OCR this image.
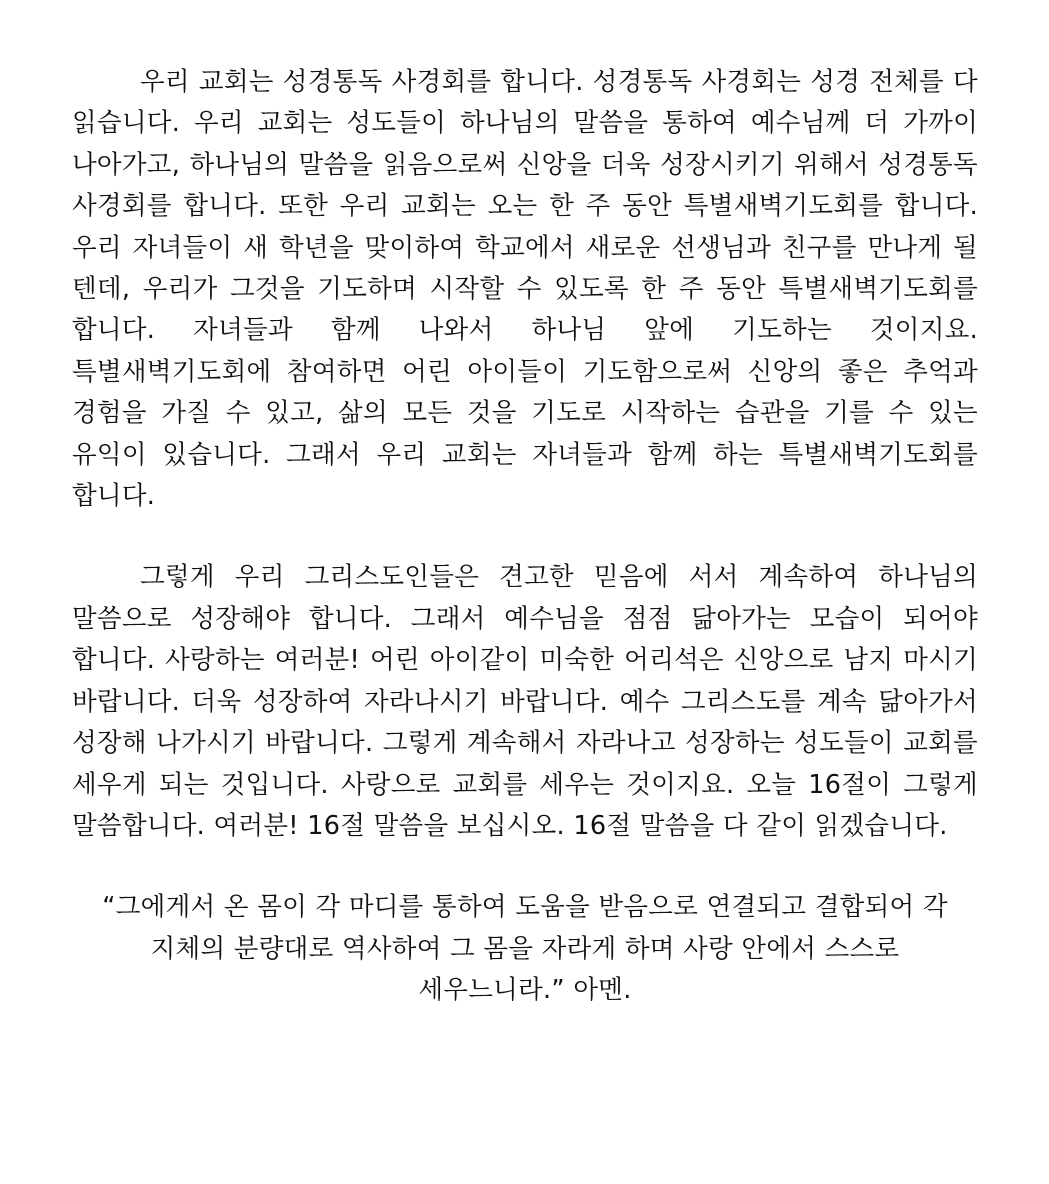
우리 교회는 성경통독 사경회를 합니다. 성경통독 사경회는 성경 전체를 다 읽습니다. 우리 교회는 성도들이 하나님의 말씀을 통하여 예수님께 더 가까이 나아가고, 하나님의 말씀을 읽음으로써 신앙을 더욱 성장시키기 위해서 성경통독 사경회를 합니다. 또한 우리 교회는 오는 한 주 동안 특별새벽기도회를 합니다. 우리 자녀들이 새 학년을 맞이하여 학교에서 새로운 선생님과 친구를 만나게 될 텐데, 우리가 그것을 기도하며 시작할 수 있도록 한 주 동안 특별새벽기도회를 합니다. 자녀들과 함께 나와서 하나님 앞에 기도하는 것이지요. 특별새벽기도회에 참여하면 어린 아이들이 기도함으로써 신앙의 좋은 추억과 경험을 가질 수 있고, 삶의 모든 것을 기도로 시작하는 습관을 기를 수 있는 유익이 있습니다. 그래서 우리 교회는 자녀들과 함께 하는 특별새벽기도회를 합니다.

그렇게 우리 그리스도인들은 견고한 믿음에 서서 계속하여 하나님의 말씀으로 성장해야 합니다. 그래서 예수님을 점점 닮아가는 모습이 되어야 합니다. 사랑하는 여러분! 어린 아이같이 미숙한 어리석은 신앙으로 남지 마시기 바랍니다. 더욱 성장하여 자라나시기 바랍니다. 예수 그리스도를 계속 닮아가서 성장해 나가시기 바랍니다. 그렇게 계속해서 자라나고 성장하는 성도들이 교회를 세우게 되는 것입니다. 사랑으로 교회를 세우는 것이지요. 오늘 16절이 그렇게 말씀합니다. 여러분! 16절 말씀을 보십시오. 16절 말씀을 다 같이 읽겠습니다.

“그에게서 온 몸이 각 마디를 통하여 도움을 받음으로 연결되고 결합되어 각 지체의 분량대로 역사하여 그 몸을 자라게 하며 사랑 안에서 스스로 세우느니라.” 아멘.
